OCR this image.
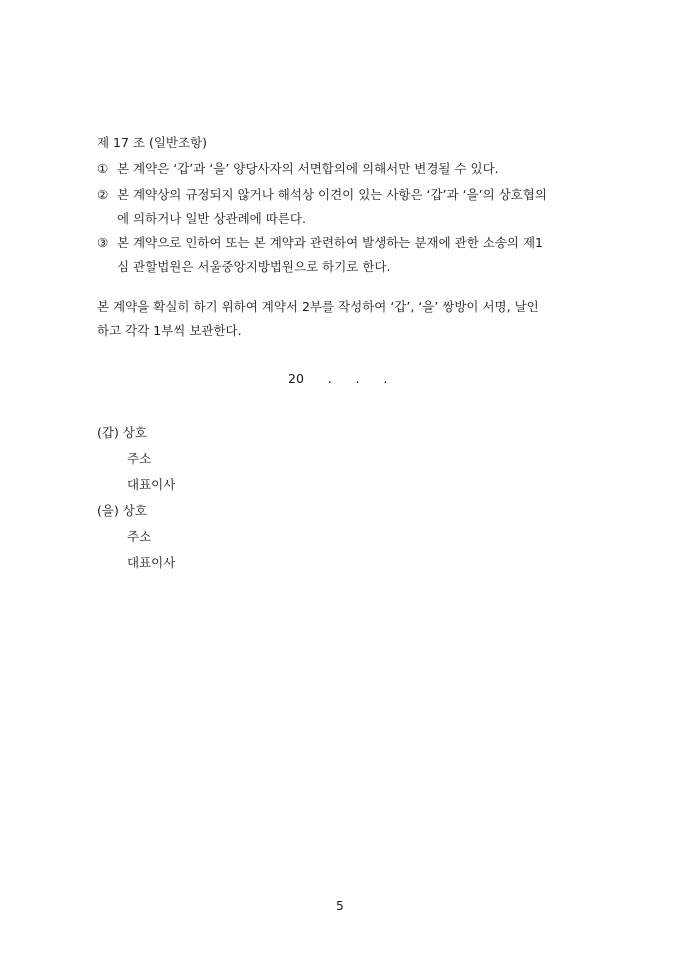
제 17 조 (일반조항)
① 본 계약은 ‘갑’과 ‘을’ 양당사자의 서면합의에 의해서만 변경될 수 있다.
② 본 계약상의 규정되지 않거나 해석상 이견이 있는 사항은 ‘갑’과 ‘을’의 상호협의
에 의하거나 일반 상관례에 따른다.
③ 본 계약으로 인하여 또는 본 계약과 관련하여 발생하는 분재에 관한 소송의 제1
심 관할법원은 서울중앙지방법원으로 하기로 한다.
본 계약을 확실히 하기 위하여 계약서 2부를 작성하여 ‘갑’, ‘을’ 쌍방이 서명, 날인
하고 각각 1부씩 보관한다.
20      .      .      .
(갑) 상호
주소
대표이사
(을) 상호
주소
대표이사
5
